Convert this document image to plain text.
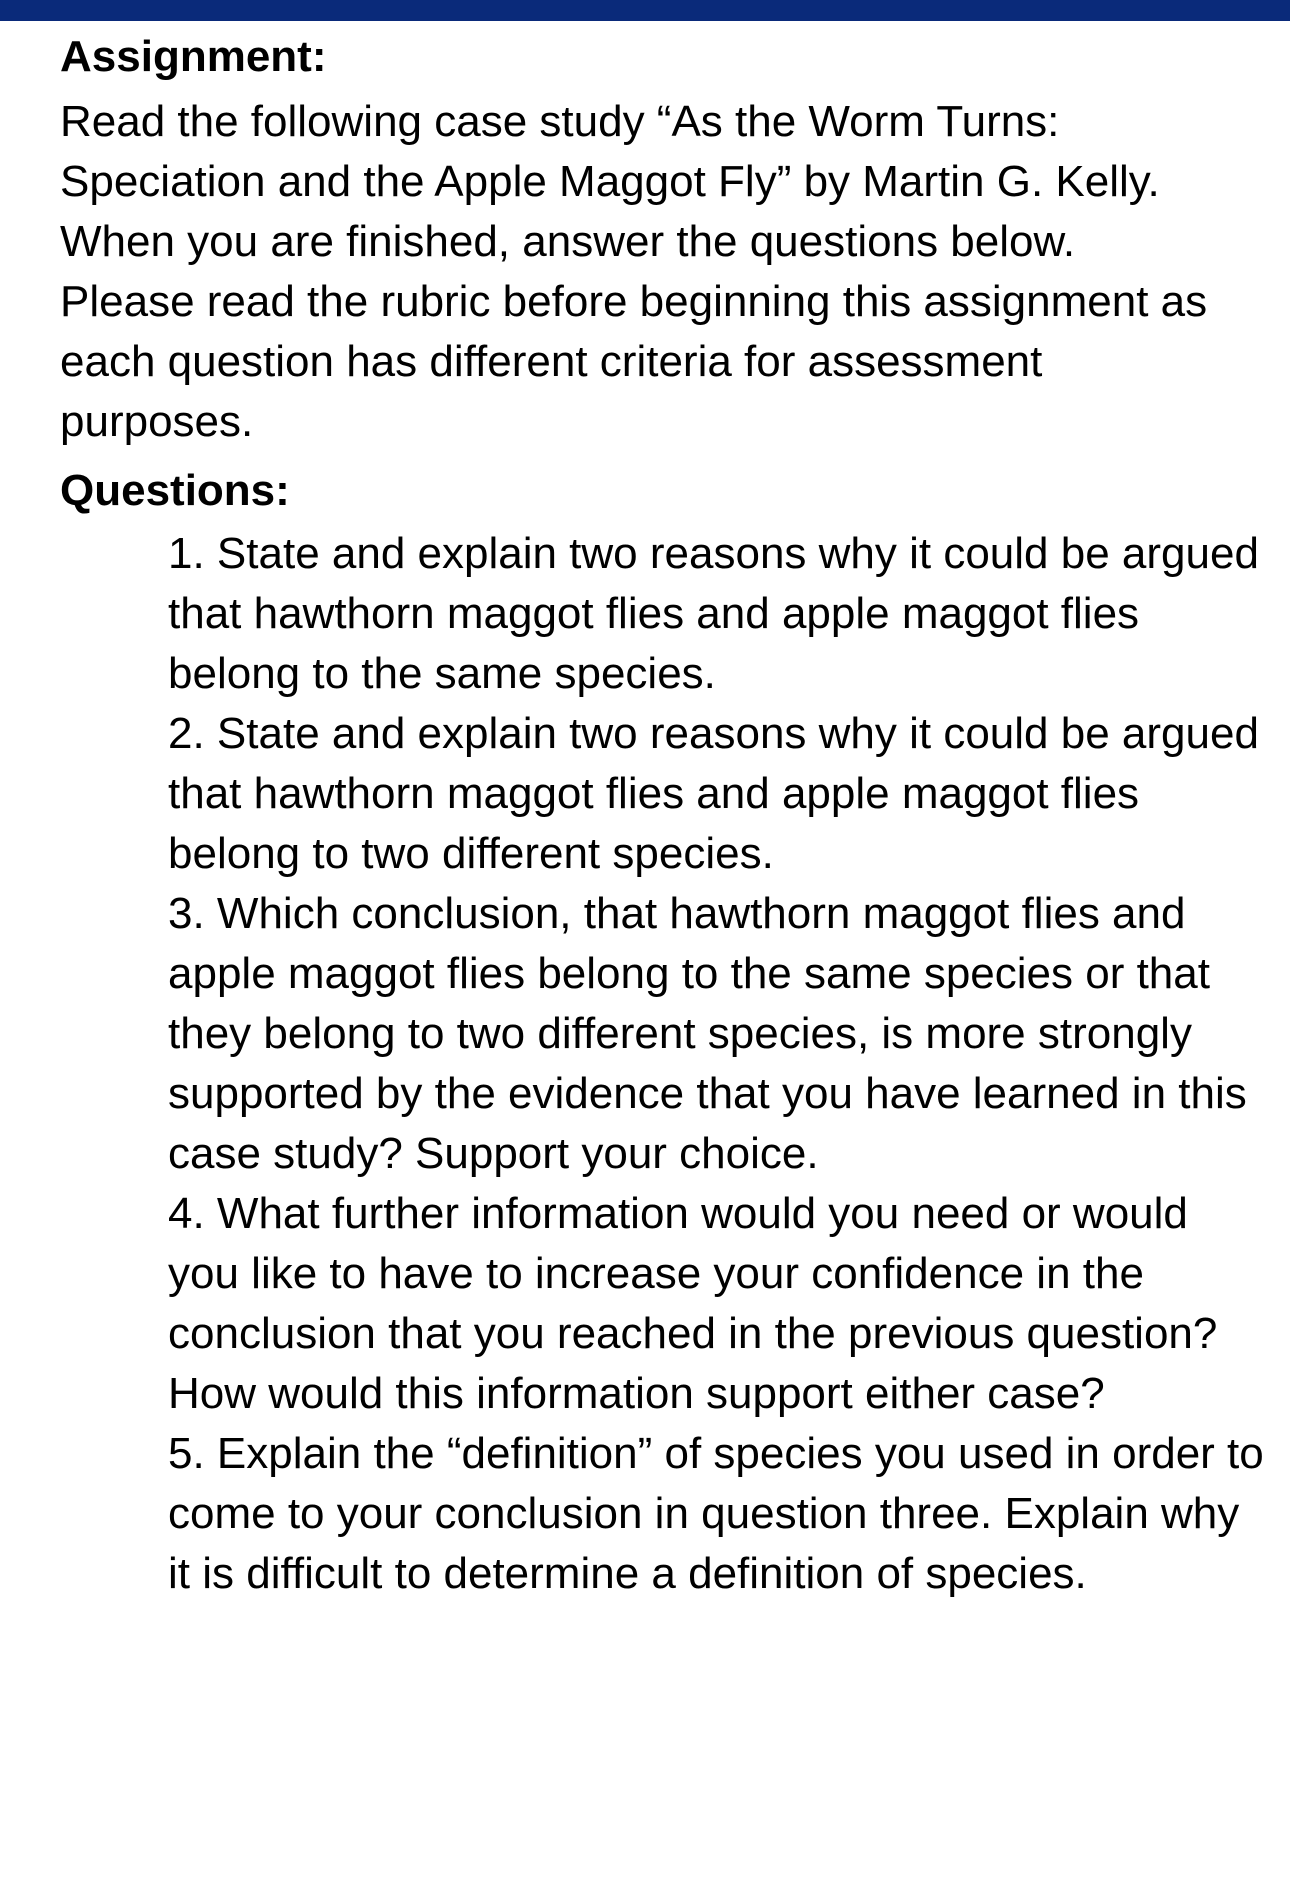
Assignment:

Read the following case study “As the Worm Turns: Speciation and the Apple Maggot Fly” by Martin G. Kelly. When you are finished, answer the questions below. Please read the rubric before beginning this assignment as each question has different criteria for assessment purposes.

Questions:
1. State and explain two reasons why it could be argued that hawthorn maggot flies and apple maggot flies belong to the same species.
2. State and explain two reasons why it could be argued that hawthorn maggot flies and apple maggot flies belong to two different species.
3. Which conclusion, that hawthorn maggot flies and apple maggot flies belong to the same species or that they belong to two different species, is more strongly supported by the evidence that you have learned in this case study? Support your choice.
4. What further information would you need or would you like to have to increase your confidence in the conclusion that you reached in the previous question? How would this information support either case?
5. Explain the “definition” of species you used in order to come to your conclusion in question three. Explain why it is difficult to determine a definition of species.
